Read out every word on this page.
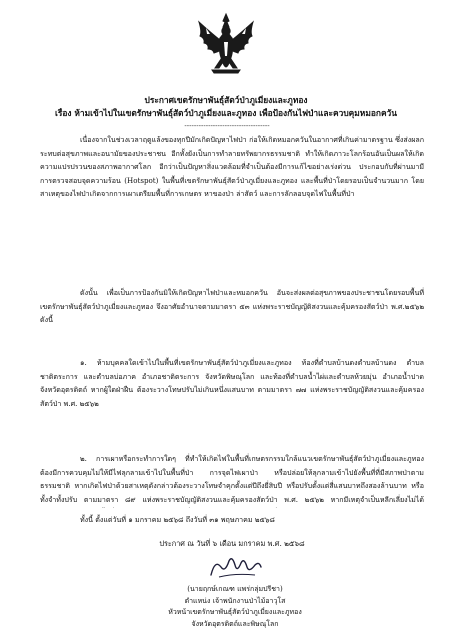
ประกาศเขตรักษาพันธุ์สัตว์ป่าภูเมี่ยงและภูทอง
เรื่อง ห้ามเข้าไปในเขตรักษาพันธุ์สัตว์ป่าภูเมี่ยงและภูทอง เพื่อป้องกันไฟป่าและควบคุมหมอกควัน
------------------------------------
เนื่องจากในช่วงเวลาฤดูแล้งของทุกปีมักเกิดปัญหาไฟป่า ก่อให้เกิดหมอกควันในอากาศที่เกินค่ามาตรฐาน ซึ่งส่งผลกระทบต่อสุขภาพและอนามัยของประชาชน อีกทั้งยังเป็นการทำลายทรัพยากรธรรมชาติ ทำให้เกิดภาวะโลกร้อนอันเป็นผลให้เกิดความแปรปรวนของสภาพอากาศโลก อีกว่าเป็นปัญหาสิ่งแวดล้อมที่จำเป็นต้องมีการแก้ไขอย่างเร่งด่วน ประกอบกับที่ผ่านมามีการตรวจสอบจุดความร้อน (Hotspot) ในพื้นที่เขตรักษาพันธุ์สัตว์ป่าภูเมี่ยงและภูทอง และพื้นที่ป่าโดยรอบเป็นจำนวนมาก โดยสาเหตุของไฟป่าเกิดจากการเผาเตรียมพื้นที่การเกษตร หาของป่า ล่าสัตว์ และการลักลอบจุดไฟในพื้นที่ป่า
ดังนั้น เพื่อเป็นการป้องกันมิให้เกิดปัญหาไฟป่าและหมอกควัน อันจะส่งผลต่อสุขภาพของประชาชนโดยรอบพื้นที่ เขตรักษาพันธุ์สัตว์ป่าภูเมี่ยงและภูทอง จึงอาศัยอำนาจตามมาตรา ๕๓ แห่งพระราชบัญญัติสงวนและคุ้มครองสัตว์ป่า พ.ศ.๒๕๖๒ ดังนี้
๑. ห้ามบุคคลใดเข้าไปในพื้นที่เขตรักษาพันธุ์สัตว์ป่าภูเมี่ยงและภูทอง ท้องที่ตำบลบ้านดงตำบลบ้านดง ตำบลชาติตระการ และตำบลบ่อภาค อำเภอชาติตระการ จังหวัดพิษณุโลก และท้องที่ตำบลน้ำไผ่และตำบลห้วยมุ่น อำเภอน้ำปาด จังหวัดอุตรดิตถ์ หากผู้ใดฝ่าฝืน ต้องระวางโทษปรับไม่เกินหนึ่งแสนบาท ตามมาตรา ๗๗ แห่งพระราชบัญญัติสงวนและคุ้มครองสัตว์ป่า พ.ศ. ๒๕๖๒
๒. การเผาหรือกระทำการใดๆ ที่ทำให้เกิดไฟในพื้นที่เกษตรกรรมใกล้แนวเขตรักษาพันธุ์สัตว์ป่าภูเมี่ยงและภูทอง ต้องมีการควบคุมไม่ให้มีไฟลุกลามเข้าไปในพื้นที่ป่า การจุดไฟเผาป่า หรือปล่อยให้ลุกลามเข้าไปยังพื้นที่ที่มีสภาพป่าตามธรรมชาติ หากเกิดไฟป่าด้วยสาเหตุดังกล่าวต้องระวางโทษจำคุกตั้งแต่ปีถึงยี่สิบปี หรือปรับตั้งแต่สี่แสนบาทถึงสองล้านบาท หรือทั้งจำทั้งปรับ ตามมาตรา ๘๙ แห่งพระราชบัญญัติสงวนและคุ้มครองสัตว์ป่า พ.ศ. ๒๕๖๒ หากมีเหตุจำเป็นหลีกเลี่ยงไม่ได้
ทั้งนี้ ตั้งแต่วันที่ ๑ มกราคม ๒๕๖๘ ถึงวันที่ ๓๑ พฤษภาคม ๒๕๖๘
ประกาศ ณ วันที่ ๖ เดือน มกราคม พ.ศ. ๒๕๖๘
(นายฤกษ์เกณฑ แพร่กลุ่มปรีชา)
ตำแหน่ง เจ้าพนักงานป่าไม้อาวุโส
หัวหน้าเขตรักษาพันธุ์สัตว์ป่าภูเมี่ยงและภูทอง
จังหวัดอุตรดิตถ์และพิษณุโลก
